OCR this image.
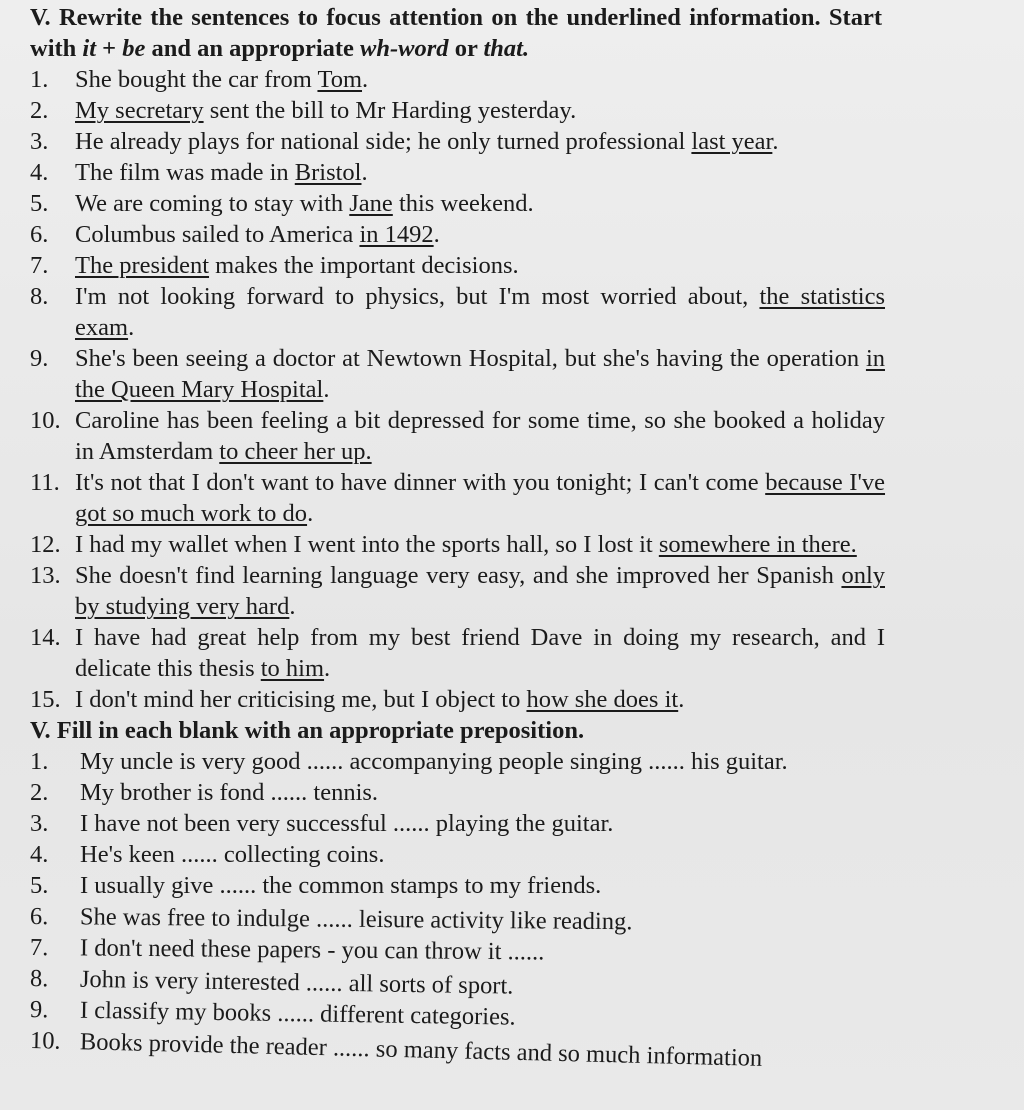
V. Rewrite the sentences to focus attention on the underlined information. Start with it + be and an appropriate wh-word or that.

1. She bought the car from Tom.
2. My secretary sent the bill to Mr Harding yesterday.
3. He already plays for national side; he only turned professional last year.
4. The film was made in Bristol.
5. We are coming to stay with Jane this weekend.
6. Columbus sailed to America in 1492.
7. The president makes the important decisions.
8. I'm not looking forward to physics, but I'm most worried about, the statistics exam.
9. She's been seeing a doctor at Newtown Hospital, but she's having the operation in the Queen Mary Hospital.
10. Caroline has been feeling a bit depressed for some time, so she booked a holiday in Amsterdam to cheer her up.
11. It's not that I don't want to have dinner with you tonight; I can't come because I've got so much work to do.
12. I had my wallet when I went into the sports hall, so I lost it somewhere in there.
13. She doesn't find learning language very easy, and she improved her Spanish only by studying very hard.
14. I have had great help from my best friend Dave in doing my research, and I delicate this thesis to him.
15. I don't mind her criticising me, but I object to how she does it.

V. Fill in each blank with an appropriate preposition.

1. My uncle is very good ...... accompanying people singing ...... his guitar.
2. My brother is fond ...... tennis.
3. I have not been very successful ...... playing the guitar.
4. He's keen ...... collecting coins.
5. I usually give ...... the common stamps to my friends.
6. She was free to indulge ...... leisure activity like reading.
7. I don't need these papers - you can throw it ......
8. John is very interested ...... all sorts of sport.
9. I classify my books ...... different categories.
10. Books provide the reader ...... so many facts and so much information
